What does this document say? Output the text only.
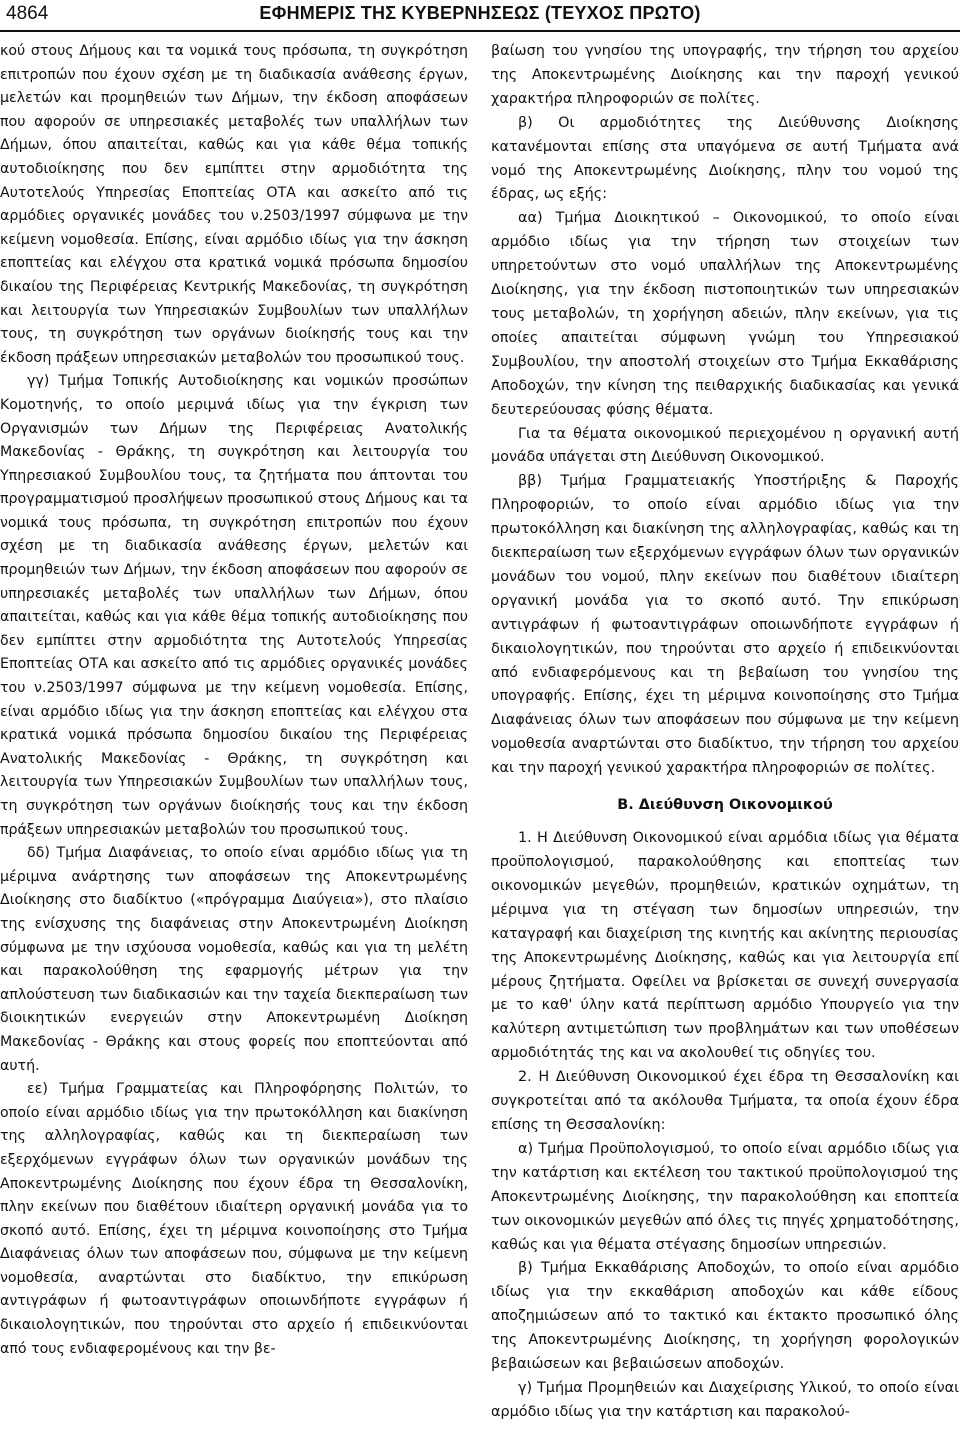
4864	ΕΦΗΜΕΡΙΣ ΤΗΣ ΚΥΒΕΡΝΗΣΕΩΣ (ΤΕΥΧΟΣ ΠΡΩΤΟ)

κού στους Δήμους και τα νομικά τους πρόσωπα, τη συγκρότηση επιτροπών που έχουν σχέση με τη διαδικασία ανάθεσης έργων, μελετών και προμηθειών των Δήμων, την έκδοση αποφάσεων που αφορούν σε υπηρεσιακές μεταβολές των υπαλλήλων των Δήμων, όπου απαιτείται, καθώς και για κάθε θέμα τοπικής αυτοδιοίκησης που δεν εμπίπτει στην αρμοδιότητα της Αυτοτελούς Υπηρεσίας Εποπτείας ΟΤΑ και ασκείτο από τις αρμόδιες οργανικές μονάδες του ν.2503/1997 σύμφωνα με την κείμενη νομοθεσία. Επίσης, είναι αρμόδιο ιδίως για την άσκηση εποπτείας και ελέγχου στα κρατικά νομικά πρόσωπα δημοσίου δικαίου της Περιφέρειας Κεντρικής Μακεδονίας, τη συγκρότηση και λειτουργία των Υπηρεσιακών Συμβουλίων των υπαλλήλων τους, τη συγκρότηση των οργάνων διοίκησής τους και την έκδοση πράξεων υπηρεσιακών μεταβολών του προσωπικού τους.

γγ) Τμήμα Τοπικής Αυτοδιοίκησης και νομικών προσώπων Κομοτηνής, το οποίο μεριμνά ιδίως για την έγκριση των Οργανισμών των Δήμων της Περιφέρειας Ανατολικής Μακεδονίας - Θράκης, τη συγκρότηση και λειτουργία του Υπηρεσιακού Συμβουλίου τους, τα ζητήματα που άπτονται του προγραμματισμού προσλήψεων προσωπικού στους Δήμους και τα νομικά τους πρόσωπα, τη συγκρότηση επιτροπών που έχουν σχέση με τη διαδικασία ανάθεσης έργων, μελετών και προμηθειών των Δήμων, την έκδοση αποφάσεων που αφορούν σε υπηρεσιακές μεταβολές των υπαλλήλων των Δήμων, όπου απαιτείται, καθώς και για κάθε θέμα τοπικής αυτοδιοίκησης που δεν εμπίπτει στην αρμοδιότητα της Αυτοτελούς Υπηρεσίας Εποπτείας ΟΤΑ και ασκείτο από τις αρμόδιες οργανικές μονάδες του ν.2503/1997 σύμφωνα με την κείμενη νομοθεσία. Επίσης, είναι αρμόδιο ιδίως για την άσκηση εποπτείας και ελέγχου στα κρατικά νομικά πρόσωπα δημοσίου δικαίου της Περιφέρειας Ανατολικής Μακεδονίας - Θράκης, τη συγκρότηση και λειτουργία των Υπηρεσιακών Συμβουλίων των υπαλλήλων τους, τη συγκρότηση των οργάνων διοίκησής τους και την έκδοση πράξεων υπηρεσιακών μεταβολών του προσωπικού τους.

δδ) Τμήμα Διαφάνειας, το οποίο είναι αρμόδιο ιδίως για τη μέριμνα ανάρτησης των αποφάσεων της Αποκεντρωμένης Διοίκησης στο διαδίκτυο («πρόγραμμα Διαύγεια»), στο πλαίσιο της ενίσχυσης της διαφάνειας στην Αποκεντρωμένη Διοίκηση σύμφωνα με την ισχύουσα νομοθεσία, καθώς και για τη μελέτη και παρακολούθηση της εφαρμογής μέτρων για την απλούστευση των διαδικασιών και την ταχεία διεκπεραίωση των διοικητικών ενεργειών στην Αποκεντρωμένη Διοίκηση Μακεδονίας - Θράκης και στους φορείς που εποπτεύονται από αυτή.

εε) Τμήμα Γραμματείας και Πληροφόρησης Πολιτών, το οποίο είναι αρμόδιο ιδίως για την πρωτοκόλληση και διακίνηση της αλληλογραφίας, καθώς και τη διεκπεραίωση των εξερχόμενων εγγράφων όλων των οργανικών μονάδων της Αποκεντρωμένης Διοίκησης που έχουν έδρα τη Θεσσαλονίκη, πλην εκείνων που διαθέτουν ιδιαίτερη οργανική μονάδα για το σκοπό αυτό. Επίσης, έχει τη μέριμνα κοινοποίησης στο Τμήμα Διαφάνειας όλων των αποφάσεων που, σύμφωνα με την κείμενη νομοθεσία, αναρτώνται στο διαδίκτυο, την επικύρωση αντιγράφων ή φωτοαντιγράφων οποιωνδήποτε εγγράφων ή δικαιολογητικών, που τηρούνται στο αρχείο ή επιδεικνύονται από τους ενδιαφερομένους και την βε-

βαίωση του γνησίου της υπογραφής, την τήρηση του αρχείου της Αποκεντρωμένης Διοίκησης και την παροχή γενικού χαρακτήρα πληροφοριών σε πολίτες.

β) Οι αρμοδιότητες της Διεύθυνσης Διοίκησης κατανέμονται επίσης στα υπαγόμενα σε αυτή Τμήματα ανά νομό της Αποκεντρωμένης Διοίκησης, πλην του νομού της έδρας, ως εξής:

αα) Τμήμα Διοικητικού – Οικονομικού, το οποίο είναι αρμόδιο ιδίως για την τήρηση των στοιχείων των υπηρετούντων στο νομό υπαλλήλων της Αποκεντρωμένης Διοίκησης, για την έκδοση πιστοποιητικών των υπηρεσιακών τους μεταβολών, τη χορήγηση αδειών, πλην εκείνων, για τις οποίες απαιτείται σύμφωνη γνώμη του Υπηρεσιακού Συμβουλίου, την αποστολή στοιχείων στο Τμήμα Εκκαθάρισης Αποδοχών, την κίνηση της πειθαρχικής διαδικασίας και γενικά δευτερεύουσας φύσης θέματα.

Για τα θέματα οικονομικού περιεχομένου η οργανική αυτή μονάδα υπάγεται στη Διεύθυνση Οικονομικού.

ββ) Τμήμα Γραμματειακής Υποστήριξης & Παροχής Πληροφοριών, το οποίο είναι αρμόδιο ιδίως για την πρωτοκόλληση και διακίνηση της αλληλογραφίας, καθώς και τη διεκπεραίωση των εξερχόμενων εγγράφων όλων των οργανικών μονάδων του νομού, πλην εκείνων που διαθέτουν ιδιαίτερη οργανική μονάδα για το σκοπό αυτό. Την επικύρωση αντιγράφων ή φωτοαντιγράφων οποιωνδήποτε εγγράφων ή δικαιολογητικών, που τηρούνται στο αρχείο ή επιδεικνύονται από ενδιαφερόμενους και τη βεβαίωση του γνησίου της υπογραφής. Επίσης, έχει τη μέριμνα κοινοποίησης στο Τμήμα Διαφάνειας όλων των αποφάσεων που σύμφωνα με την κείμενη νομοθεσία αναρτώνται στο διαδίκτυο, την τήρηση του αρχείου και την παροχή γενικού χαρακτήρα πληροφοριών σε πολίτες.

Β. Διεύθυνση Οικονομικού

1. Η Διεύθυνση Οικονομικού είναι αρμόδια ιδίως για θέματα προϋπολογισμού, παρακολούθησης και εποπτείας των οικονομικών μεγεθών, προμηθειών, κρατικών οχημάτων, τη μέριμνα για τη στέγαση των δημοσίων υπηρεσιών, την καταγραφή και διαχείριση της κινητής και ακίνητης περιουσίας της Αποκεντρωμένης Διοίκησης, καθώς και για λειτουργία επί μέρους ζητήματα. Οφείλει να βρίσκεται σε συνεχή συνεργασία με το καθ' ύλην κατά περίπτωση αρμόδιο Υπουργείο για την καλύτερη αντιμετώπιση των προβλημάτων και των υποθέσεων αρμοδιότητάς της και να ακολουθεί τις οδηγίες του.

2. Η Διεύθυνση Οικονομικού έχει έδρα τη Θεσσαλονίκη και συγκροτείται από τα ακόλουθα Τμήματα, τα οποία έχουν έδρα επίσης τη Θεσσαλονίκη:

α) Τμήμα Προϋπολογισμού, το οποίο είναι αρμόδιο ιδίως για την κατάρτιση και εκτέλεση του τακτικού προϋπολογισμού της Αποκεντρωμένης Διοίκησης, την παρακολούθηση και εποπτεία των οικονομικών μεγεθών από όλες τις πηγές χρηματοδότησης, καθώς και για θέματα στέγασης δημοσίων υπηρεσιών.

β) Τμήμα Εκκαθάρισης Αποδοχών, το οποίο είναι αρμόδιο ιδίως για την εκκαθάριση αποδοχών και κάθε είδους αποζημιώσεων από το τακτικό και έκτακτο προσωπικό όλης της Αποκεντρωμένης Διοίκησης, τη χορήγηση φορολογικών βεβαιώσεων και βεβαιώσεων αποδοχών.

γ) Τμήμα Προμηθειών και Διαχείρισης Υλικού, το οποίο είναι αρμόδιο ιδίως για την κατάρτιση και παρακολού-
